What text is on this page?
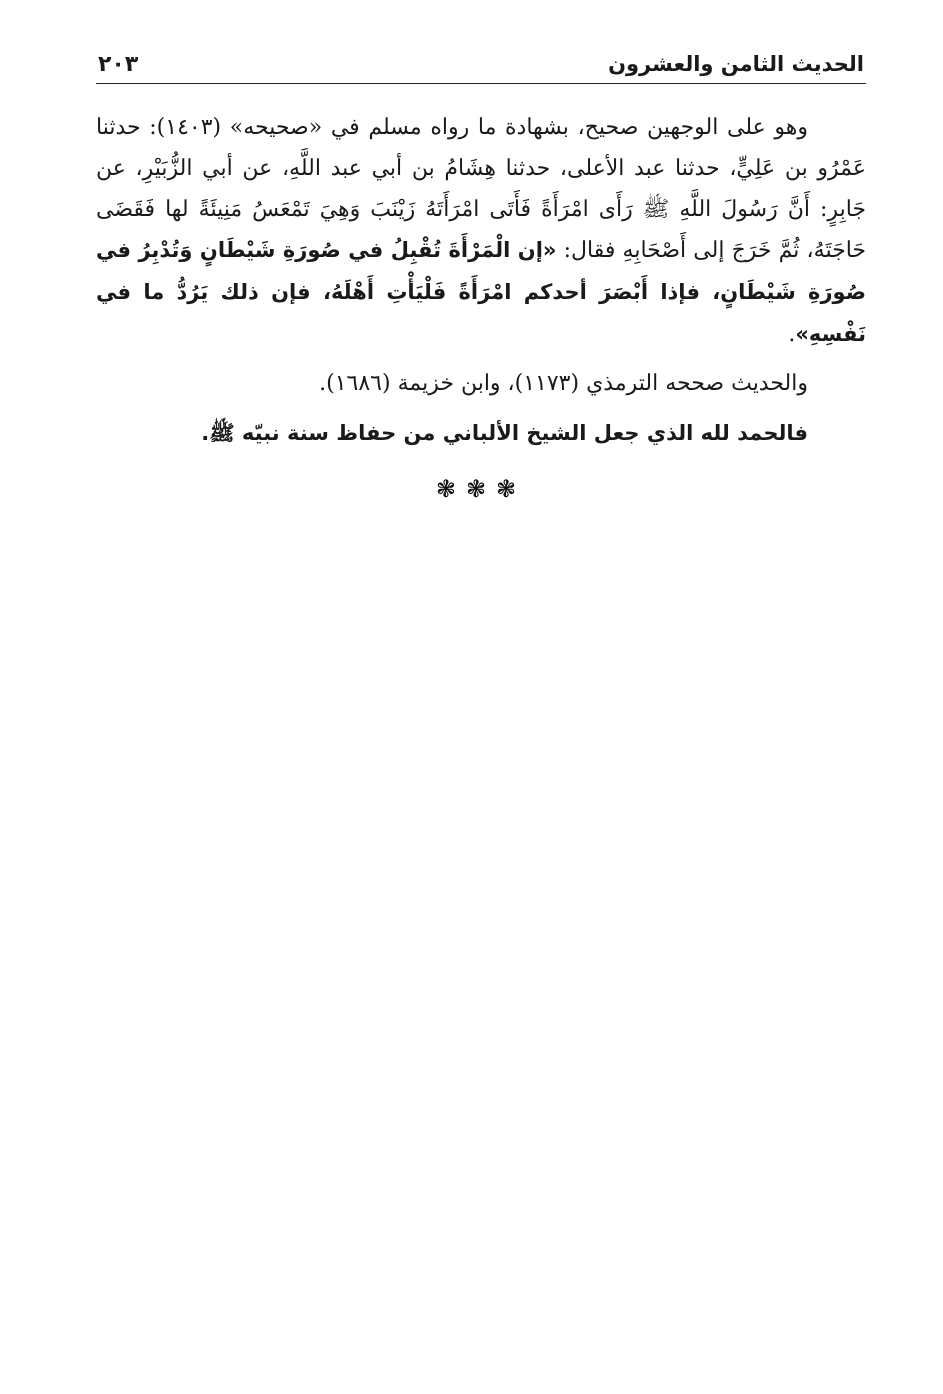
الحديث الثامن والعشرون
٢٠٣

وهو على الوجهين صحيح، بشهادة ما رواه مسلم في «صحيحه» (١٤٠٣): حدثنا عَمْرُو بن عَلِيٍّ، حدثنا عبد الأعلى، حدثنا هِشَامُ بن أبي عبد اللَّهِ، عن أبي الزُّبَيْرِ، عن جَابِرٍ: أَنَّ رَسُولَ اللَّهِ ﷺ رَأَى امْرَأَةً فَأَتَى امْرَأَتَهُ زَيْنَبَ وَهِيَ تَمْعَسُ مَنِيئَةً لها فَقَضَى حَاجَتَهُ، ثُمَّ خَرَجَ إلى أَصْحَابِهِ فقال: «إن الْمَرْأَةَ تُقْبِلُ في صُورَةِ شَيْطَانٍ وَتُدْبِرُ في صُورَةِ شَيْطَانٍ، فإذا أَبْصَرَ أحدكم امْرَأَةً فَلْيَأْتِ أَهْلَهُ، فإن ذلك يَرُدُّ ما في نَفْسِهِ».

والحديث صححه الترمذي (١١٧٣)، وابن خزيمة (١٦٨٦).

فالحمد لله الذي جعل الشيخ الألباني من حفاظ سنة نبيّه ﷺ.

❃❃❃
